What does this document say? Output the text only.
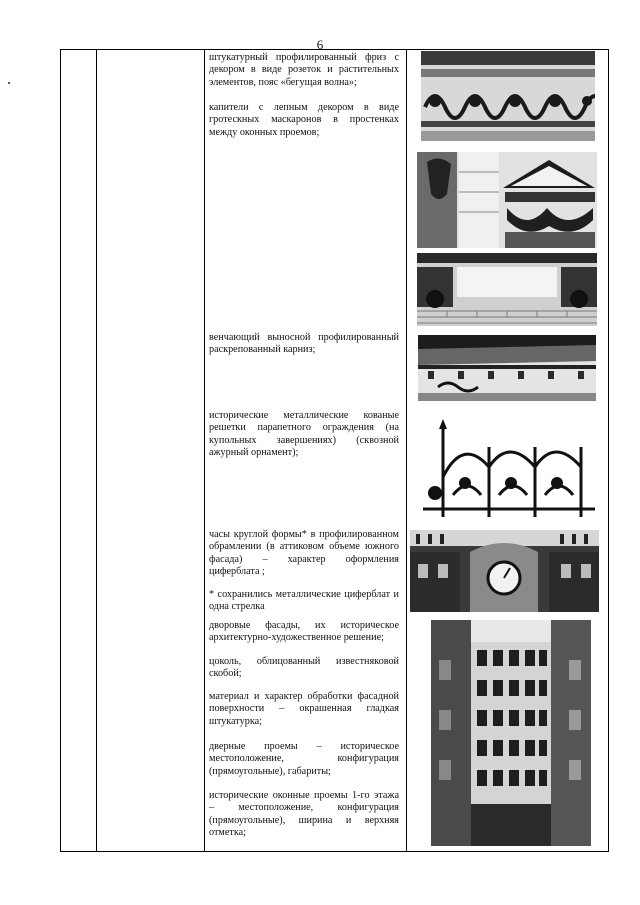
6

штукатурный профилированный фриз с декором в виде розеток и растительных элементов, пояс «бегущая волна»;

капители с лепным декором в виде гротескных маскаронов в простенках между оконных проемов;

венчающий выносной профилированный раскрепованный карниз;

исторические металлические кованые решетки парапетного ограждения (на купольных завершениях) (сквозной ажурный орнамент);

часы круглой формы* в профилированном обрамлении (в аттиковом объеме южного фасада) – характер оформления циферблата ;

* сохранились металлические циферблат и одна стрелка

дворовые фасады, их историческое архитектурно-художественное решение;

цоколь, облицованный известняковой скобой;

материал и характер обработки фасадной поверхности – окрашенная гладкая штукатурка;

дверные проемы – историческое местоположение, конфигурация (прямоугольные), габариты;

исторические оконные проемы 1-го этажа – местоположение, конфигурация (прямоугольные), ширина и верхняя отметка;
